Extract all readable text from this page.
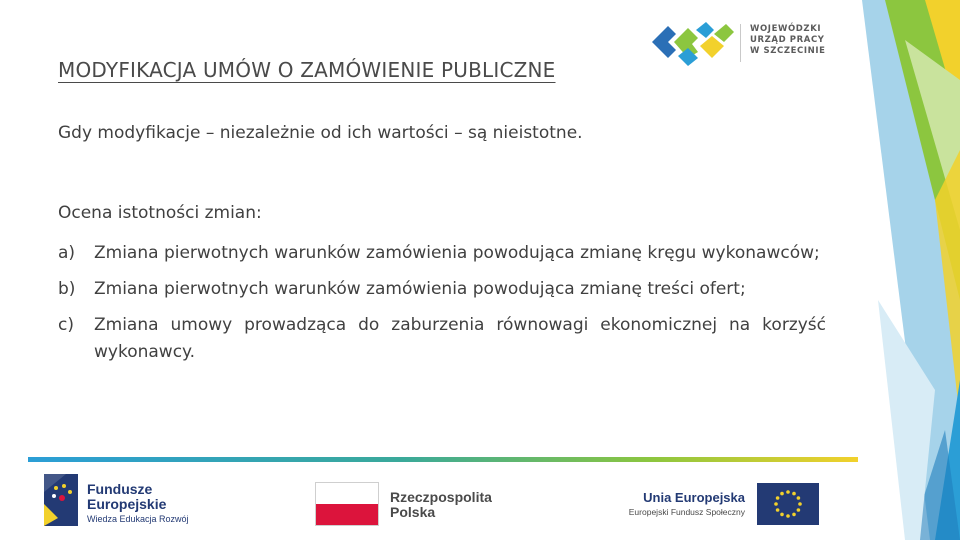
WOJEWÓDZKI
URZĄD PRACY
W SZCZECINIE
MODYFIKACJA UMÓW O ZAMÓWIENIE PUBLICZNE
Gdy modyfikacje – niezależnie od ich wartości – są nieistotne.
Ocena istotności zmian:
a) Zmiana pierwotnych warunków zamówienia powodująca zmianę kręgu wykonawców;
b) Zmiana pierwotnych warunków zamówienia powodująca zmianę treści ofert;
c) Zmiana umowy prowadząca do zaburzenia równowagi ekonomicznej na korzyść wykonawcy.
Fundusze
Europejskie
Wiedza Edukacja Rozwój
Rzeczpospolita
Polska
Unia Europejska
Europejski Fundusz Społeczny
